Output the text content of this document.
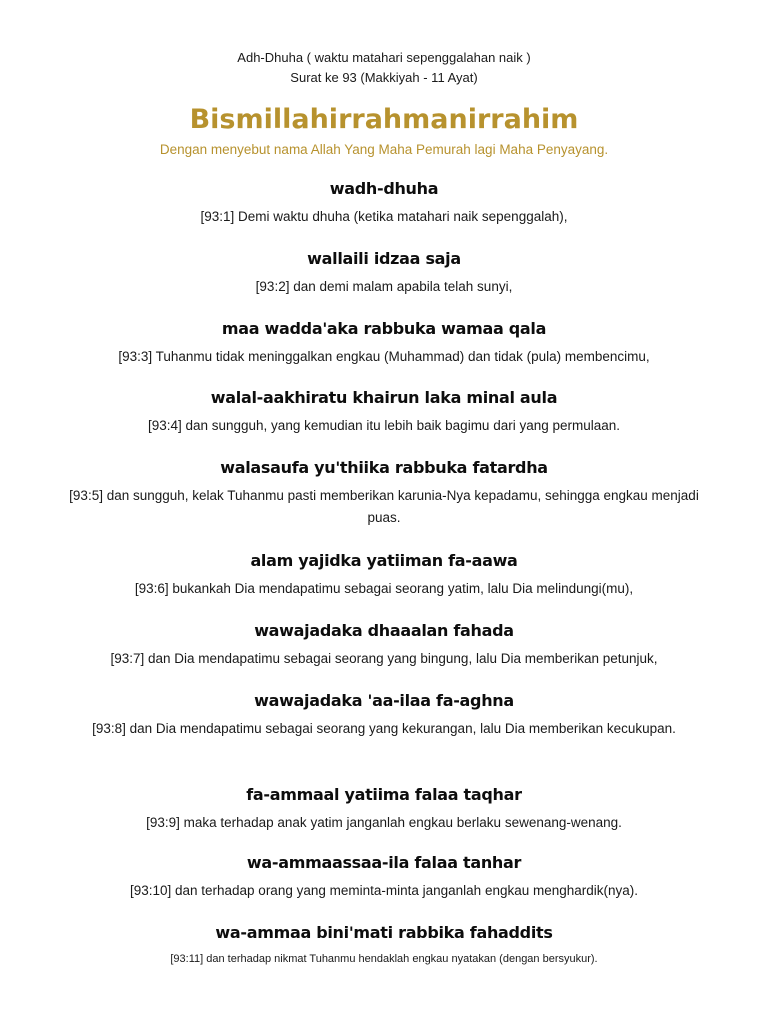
Adh-Dhuha ( waktu matahari sepenggalahan naik )
Surat ke 93 (Makkiyah - 11 Ayat)
Bismillahirrahmanirrahim
Dengan menyebut nama Allah Yang Maha Pemurah lagi Maha Penyayang.
wadh-dhuha
[93:1] Demi waktu dhuha (ketika matahari naik sepenggalah),
wallaili idzaa saja
[93:2] dan demi malam apabila telah sunyi,
maa wadda'aka rabbuka wamaa qala
[93:3] Tuhanmu tidak meninggalkan engkau (Muhammad) dan tidak (pula) membencimu,
walal-aakhiratu khairun laka minal aula
[93:4] dan sungguh, yang kemudian itu lebih baik bagimu dari yang permulaan.
walasaufa yu'thiika rabbuka fatardha
[93:5] dan sungguh, kelak Tuhanmu pasti memberikan karunia-Nya kepadamu, sehingga engkau menjadi puas.
alam yajidka yatiiman fa-aawa
[93:6] bukankah Dia mendapatimu sebagai seorang yatim, lalu Dia melindungi(mu),
wawajadaka dhaaalan fahada
[93:7] dan Dia mendapatimu sebagai seorang yang bingung, lalu Dia memberikan petunjuk,
wawajadaka 'aa-ilaa fa-aghna
[93:8] dan Dia mendapatimu sebagai seorang yang kekurangan, lalu Dia memberikan kecukupan.
fa-ammaal yatiima falaa taqhar
[93:9] maka terhadap anak yatim janganlah engkau berlaku sewenang-wenang.
wa-ammaassaa-ila falaa tanhar
[93:10] dan terhadap orang yang meminta-minta janganlah engkau menghardik(nya).
wa-ammaa bini'mati rabbika fahaddits
[93:11] dan terhadap nikmat Tuhanmu hendaklah engkau nyatakan (dengan bersyukur).
